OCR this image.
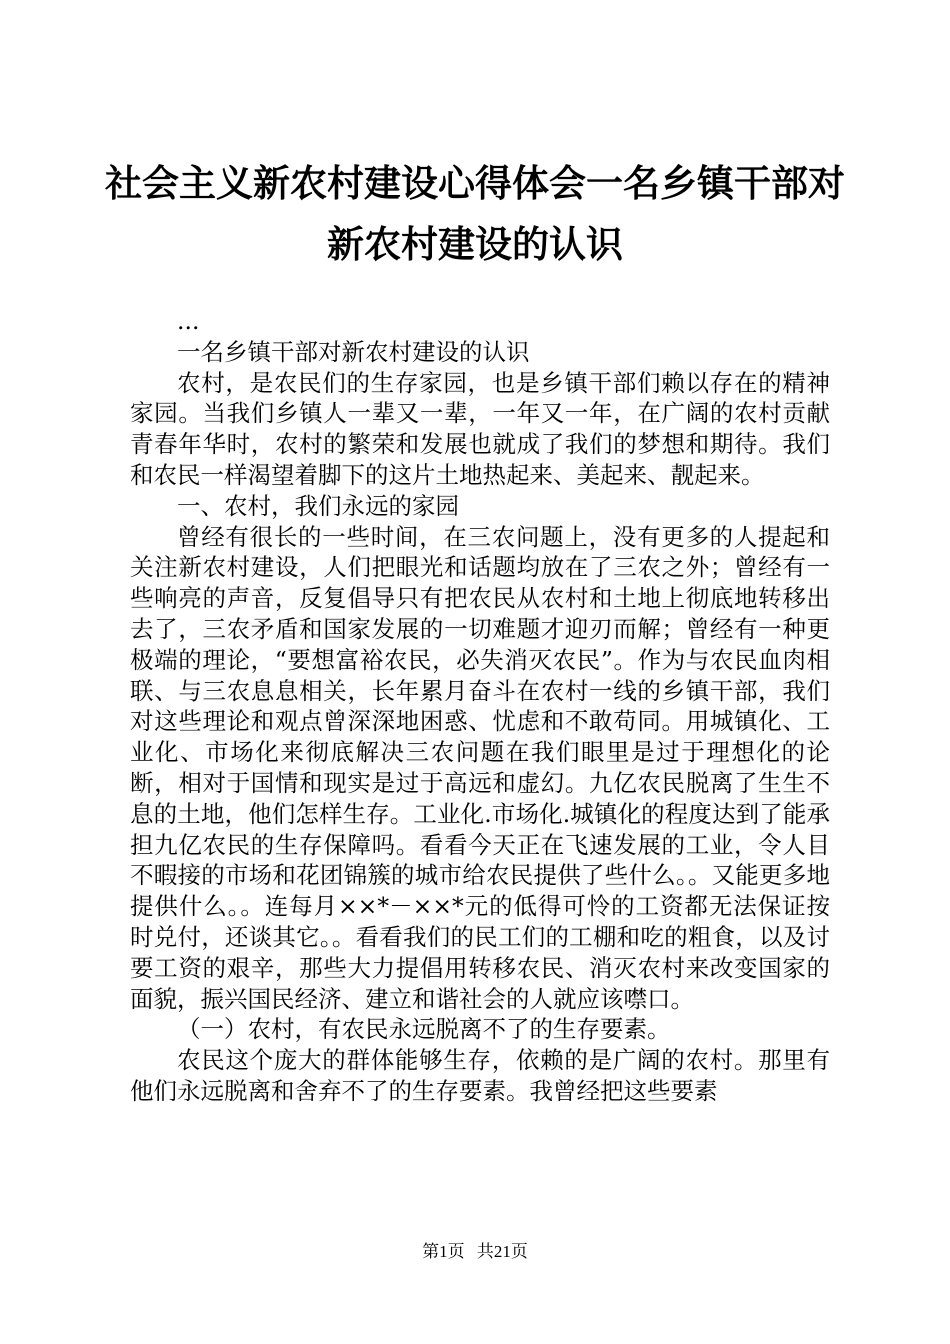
社会主义新农村建设心得体会一名乡镇干部对
新农村建设的认识

...

一名乡镇干部对新农村建设的认识

农村，是农民们的生存家园，也是乡镇干部们赖以存在的精神家园。当我们乡镇人一辈又一辈，一年又一年，在广阔的农村贡献青春年华时，农村的繁荣和发展也就成了我们的梦想和期待。我们和农民一样渴望着脚下的这片土地热起来、美起来、靓起来。

一、农村，我们永远的家园

曾经有很长的一些时间，在三农问题上，没有更多的人提起和关注新农村建设，人们把眼光和话题均放在了三农之外；曾经有一些响亮的声音，反复倡导只有把农民从农村和土地上彻底地转移出去了，三农矛盾和国家发展的一切难题才迎刃而解；曾经有一种更极端的理论，“要想富裕农民，必失消灭农民”。作为与农民血肉相联、与三农息息相关，长年累月奋斗在农村一线的乡镇干部，我们对这些理论和观点曾深深地困惑、忧虑和不敢苟同。用城镇化、工业化、市场化来彻底解决三农问题在我们眼里是过于理想化的论断，相对于国情和现实是过于高远和虚幻。九亿农民脱离了生生不息的土地，他们怎样生存。工业化.市场化.城镇化的程度达到了能承担九亿农民的生存保障吗。看看今天正在飞速发展的工业，令人目不暇接的市场和花团锦簇的城市给农民提供了些什么。。又能更多地提供什么。。连每月××*－××*元的低得可怜的工资都无法保证按时兑付，还谈其它。。看看我们的民工们的工棚和吃的粗食，以及讨要工资的艰辛，那些大力提倡用转移农民、消灭农村来改变国家的面貌，振兴国民经济、建立和谐社会的人就应该噤口。

（一）农村，有农民永远脱离不了的生存要素。

农民这个庞大的群体能够生存，依赖的是广阔的农村。那里有他们永远脱离和舍弃不了的生存要素。我曾经把这些要素

第1页 共21页
